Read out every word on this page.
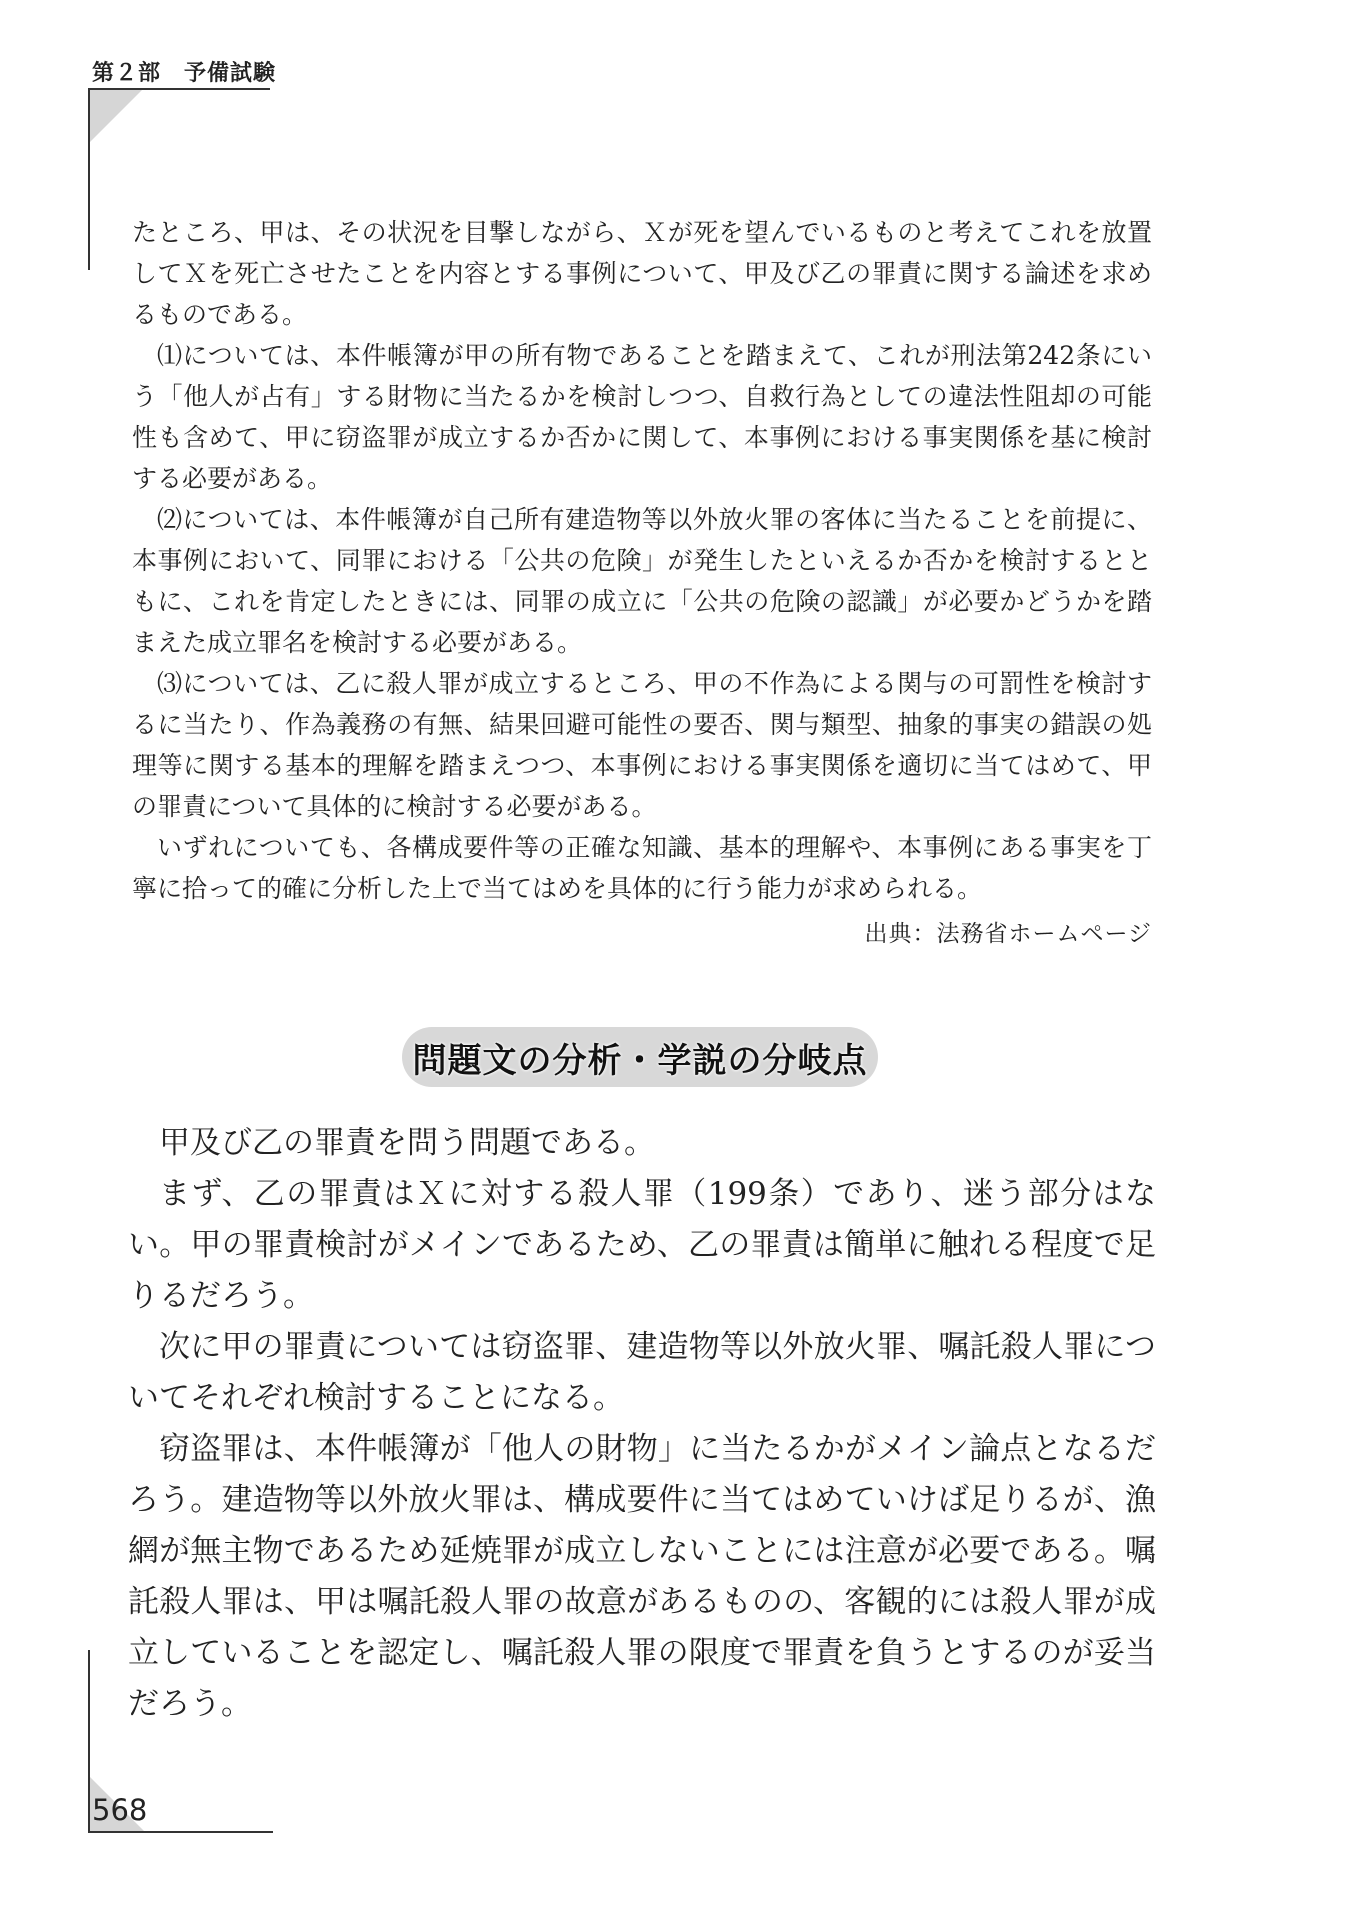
第２部　予備試験

たところ、甲は、その状況を目撃しながら、Ｘが死を望んでいるものと考えてこれを放置してＸを死亡させたことを内容とする事例について、甲及び乙の罪責に関する論述を求めるものである。

⑴については、本件帳簿が甲の所有物であることを踏まえて、これが刑法第242条にいう「他人が占有」する財物に当たるかを検討しつつ、自救行為としての違法性阻却の可能性も含めて、甲に窃盗罪が成立するか否かに関して、本事例における事実関係を基に検討する必要がある。

⑵については、本件帳簿が自己所有建造物等以外放火罪の客体に当たることを前提に、本事例において、同罪における「公共の危険」が発生したといえるか否かを検討するとともに、これを肯定したときには、同罪の成立に「公共の危険の認識」が必要かどうかを踏まえた成立罪名を検討する必要がある。

⑶については、乙に殺人罪が成立するところ、甲の不作為による関与の可罰性を検討するに当たり、作為義務の有無、結果回避可能性の要否、関与類型、抽象的事実の錯誤の処理等に関する基本的理解を踏まえつつ、本事例における事実関係を適切に当てはめて、甲の罪責について具体的に検討する必要がある。

いずれについても、各構成要件等の正確な知識、基本的理解や、本事例にある事実を丁寧に拾って的確に分析した上で当てはめを具体的に行う能力が求められる。

出典：法務省ホームページ
問題文の分析・学説の分岐点

甲及び乙の罪責を問う問題である。

まず、乙の罪責はＸに対する殺人罪（199条）であり、迷う部分はない。甲の罪責検討がメインであるため、乙の罪責は簡単に触れる程度で足りるだろう。

次に甲の罪責については窃盗罪、建造物等以外放火罪、嘱託殺人罪についてそれぞれ検討することになる。

窃盗罪は、本件帳簿が「他人の財物」に当たるかがメイン論点となるだろう。建造物等以外放火罪は、構成要件に当てはめていけば足りるが、漁網が無主物であるため延焼罪が成立しないことには注意が必要である。嘱託殺人罪は、甲は嘱託殺人罪の故意があるものの、客観的には殺人罪が成立していることを認定し、嘱託殺人罪の限度で罪責を負うとするのが妥当だろう。

568
